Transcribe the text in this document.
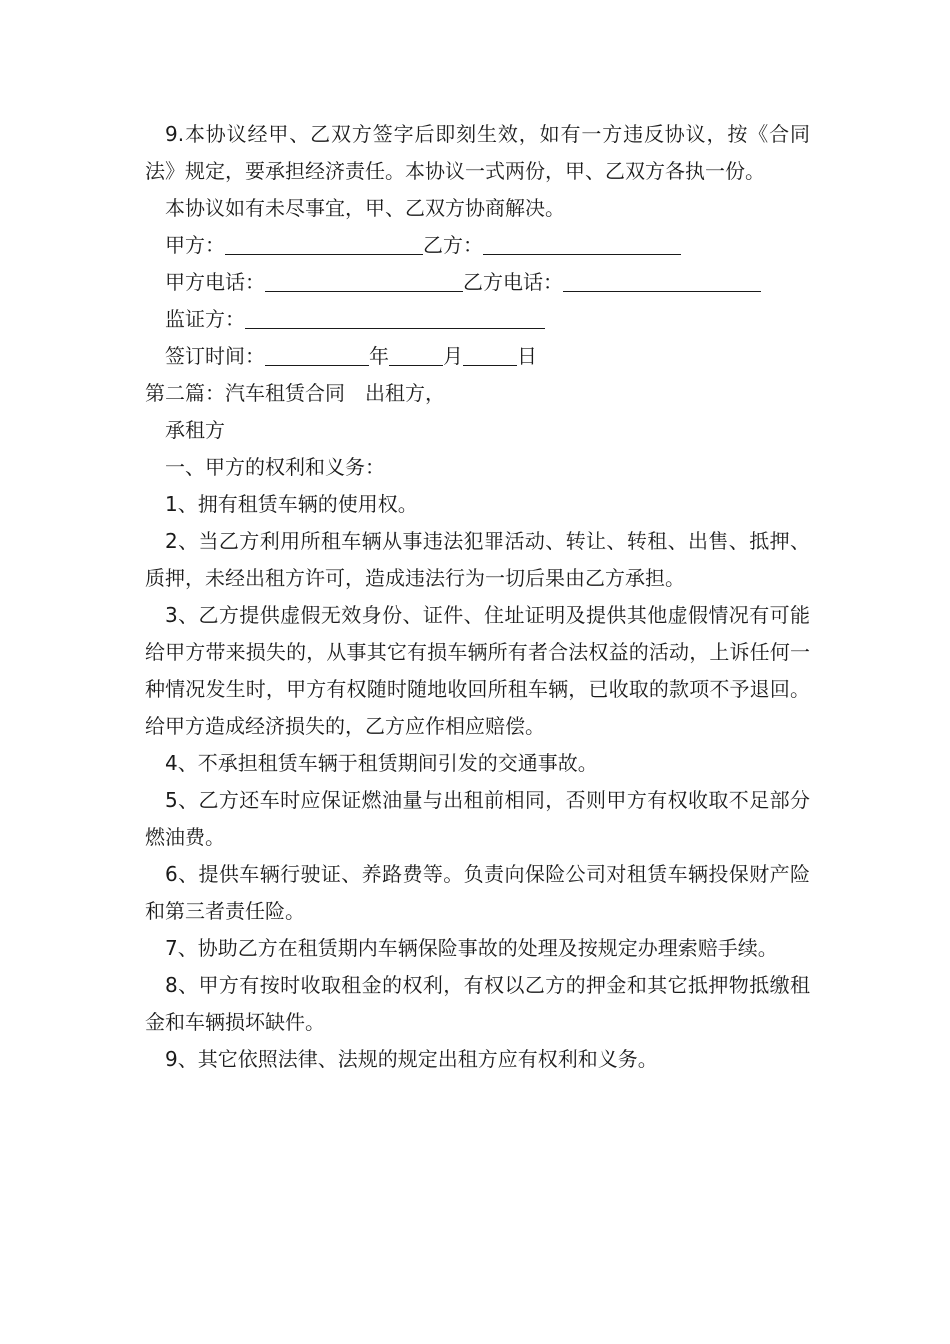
9.本协议经甲、乙双方签字后即刻生效，如有一方违反协议，按《合同法》规定，要承担经济责任。本协议一式两份，甲、乙双方各执一份。

本协议如有未尽事宜，甲、乙双方协商解决。

甲方：	乙方：

甲方电话：	乙方电话：

监证方：

签订时间：	年	月	日

第二篇：汽车租赁合同　出租方，

承租方

一、甲方的权利和义务：

1、拥有租赁车辆的使用权。

2、当乙方利用所租车辆从事违法犯罪活动、转让、转租、出售、抵押、质押，未经出租方许可，造成违法行为一切后果由乙方承担。

3、乙方提供虚假无效身份、证件、住址证明及提供其他虚假情况有可能给甲方带来损失的，从事其它有损车辆所有者合法权益的活动，上诉任何一种情况发生时，甲方有权随时随地收回所租车辆，已收取的款项不予退回。给甲方造成经济损失的，乙方应作相应赔偿。

4、不承担租赁车辆于租赁期间引发的交通事故。

5、乙方还车时应保证燃油量与出租前相同，否则甲方有权收取不足部分燃油费。

6、提供车辆行驶证、养路费等。负责向保险公司对租赁车辆投保财产险和第三者责任险。

7、协助乙方在租赁期内车辆保险事故的处理及按规定办理索赔手续。

8、甲方有按时收取租金的权利，有权以乙方的押金和其它抵押物抵缴租金和车辆损坏缺件。

9、其它依照法律、法规的规定出租方应有权利和义务。
